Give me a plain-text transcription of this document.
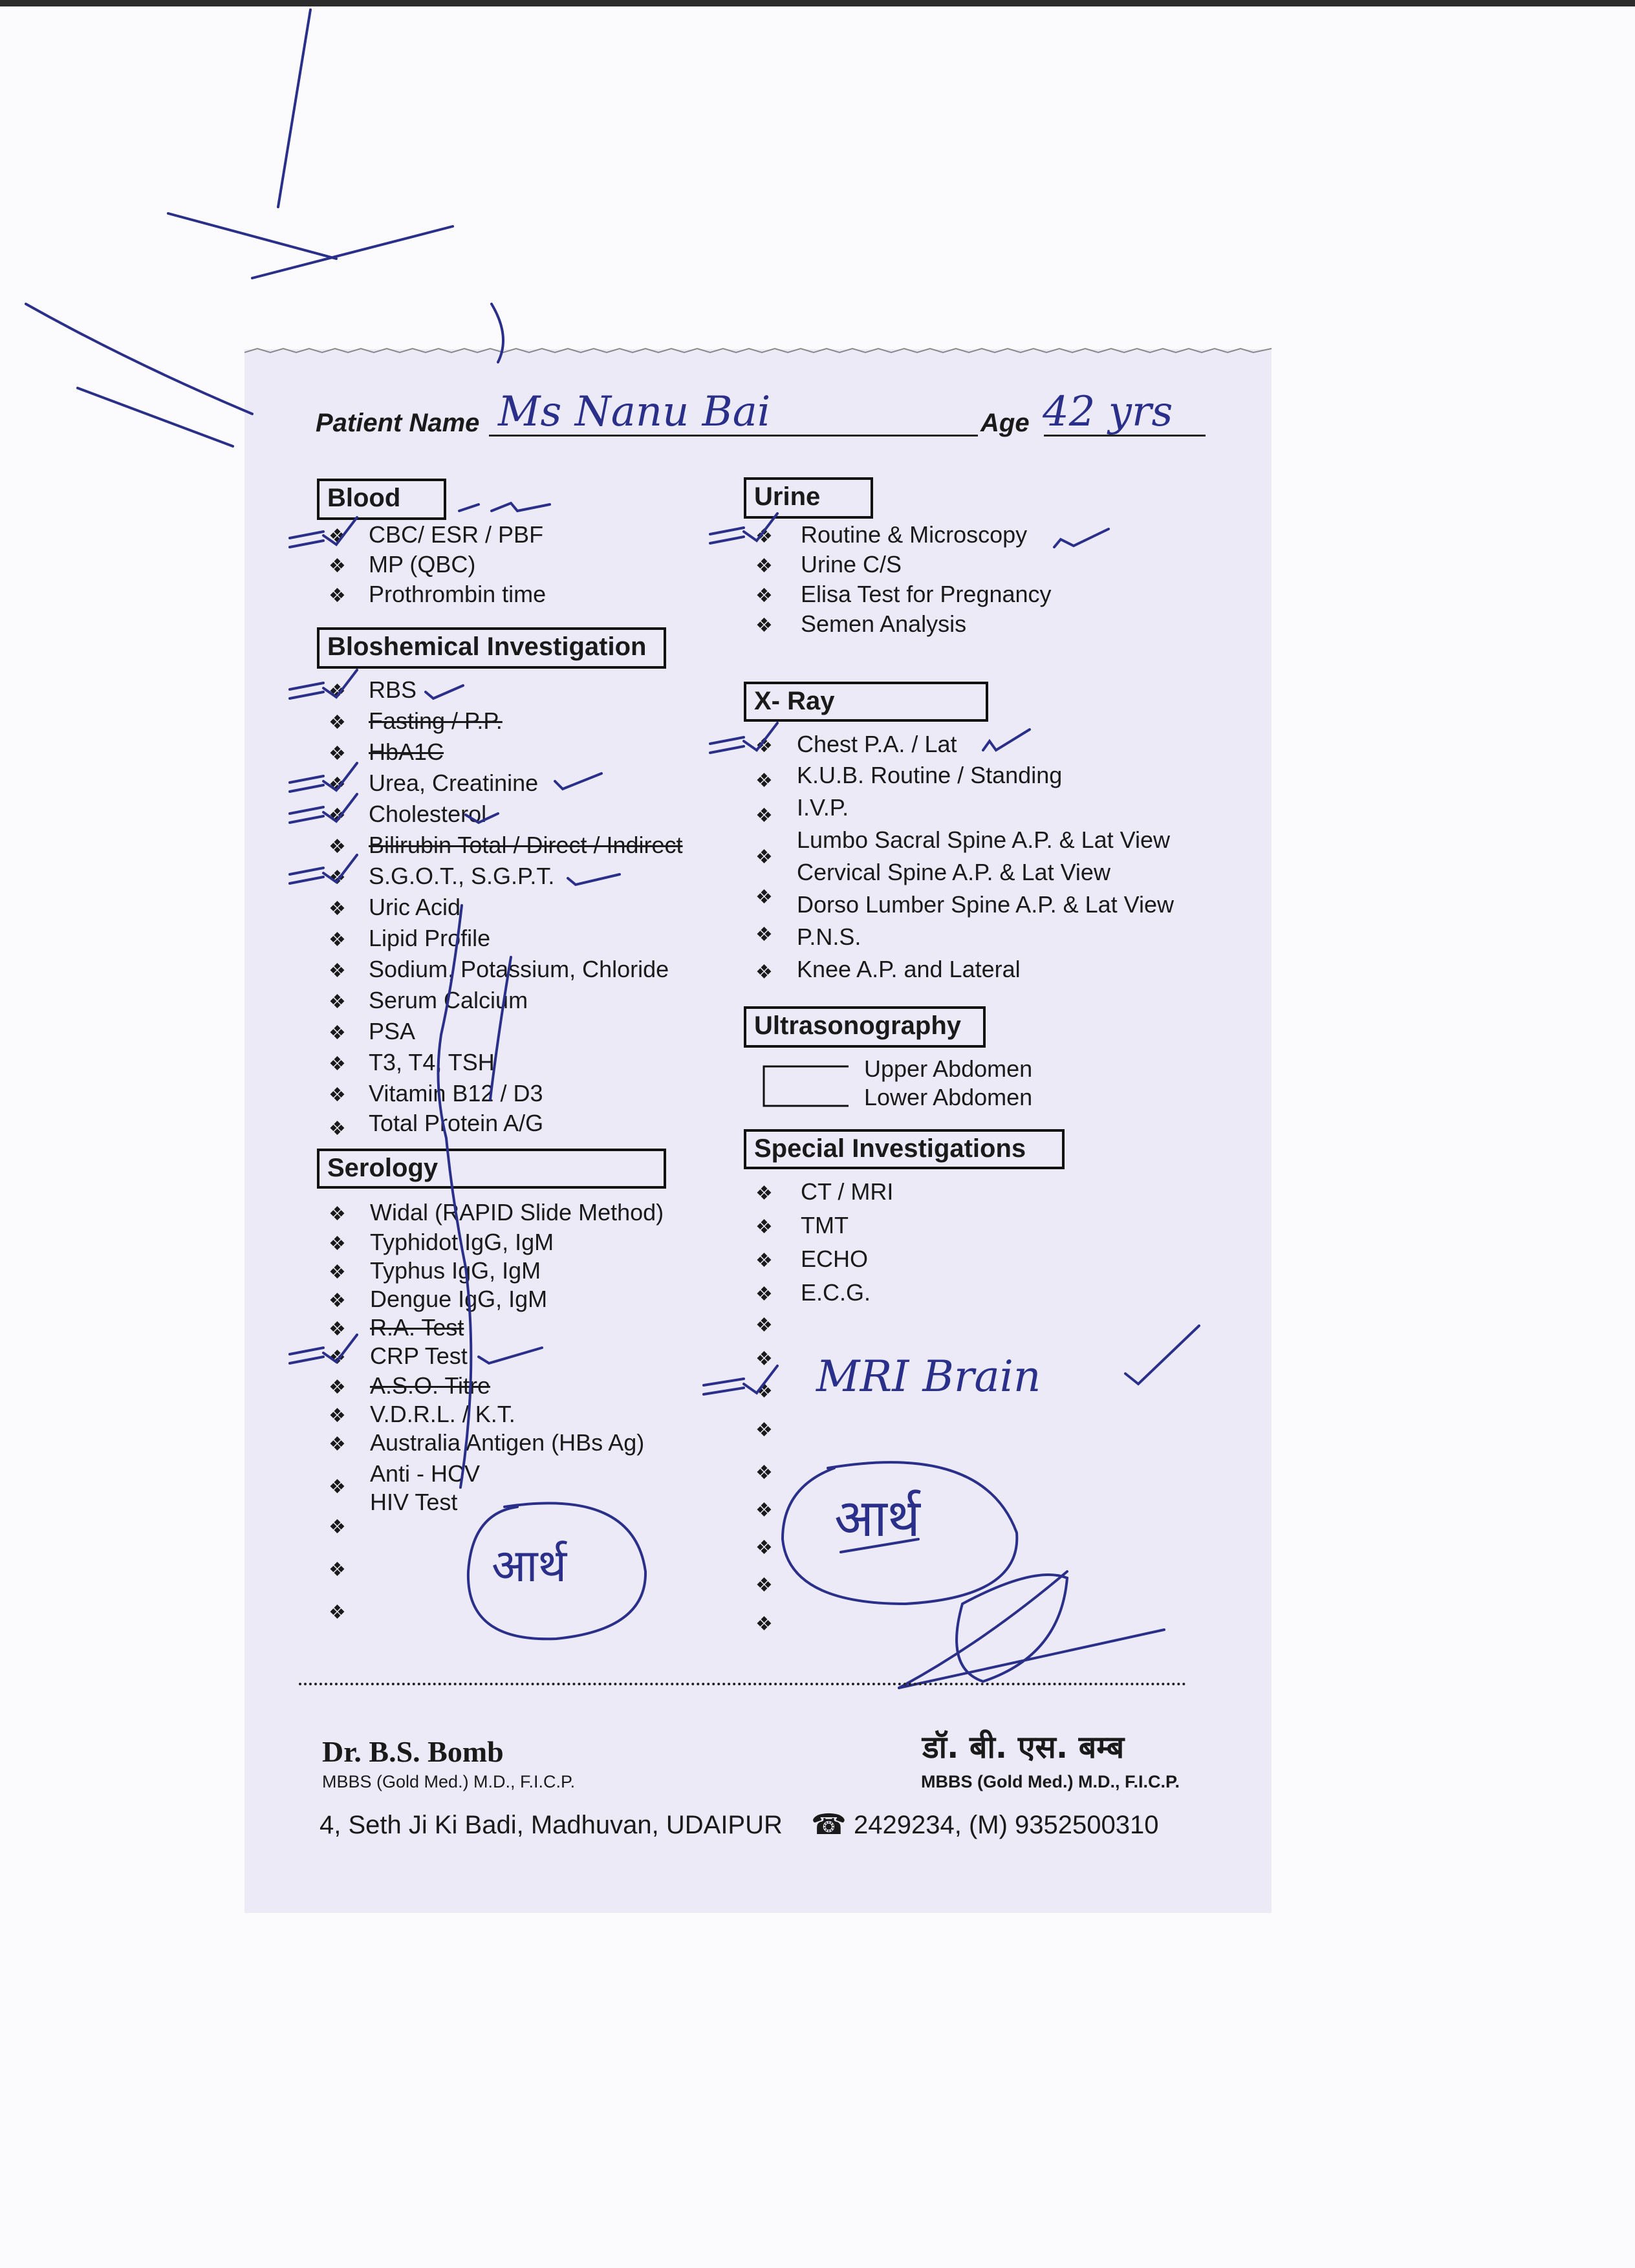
Patient Name Ms Nanu Bai	Age 42 yrs
Blood
Bloshemical Investigation
Serology
Urine
X- Ray
Ultrasonography
Special Investigations
❖ CBC/ ESR / PBF
❖ MP (QBC)
❖ Prothrombin time
❖ RBS
❖ Fasting / P.P.
❖ HbA1C
❖ Urea, Creatinine
❖ Cholesterol
❖ Bilirubin Total / Direct / Indirect
❖ S.G.O.T., S.G.P.T.
❖ Uric Acid
❖ Lipid Profile
❖ Sodium, Potassium, Chloride
❖ Serum Calcium
❖ PSA
❖ T3, T4, TSH
❖ Vitamin B12 / D3
❖ Total Protein A/G
❖ Widal (RAPID Slide Method)
❖ Typhidot IgG, IgM
❖ Typhus IgG, IgM
❖ Dengue IgG, IgM
❖ R.A. Test
❖ CRP Test
❖ A.S.O. Titre
❖ V.D.R.L. / K.T.
❖ Australia Antigen (HBs Ag)
❖
Anti - HCV
HIV Test
❖
❖
❖
❖ Routine & Microscopy
❖ Urine C/S
❖ Elisa Test for Pregnancy
❖ Semen Analysis
❖ Chest P.A. / Lat
❖ K.U.B. Routine / Standing
❖ I.V.P.
Lumbo Sacral Spine A.P. & Lat View
❖
Cervical Spine A.P. & Lat View
❖ Dorso Lumber Spine A.P. & Lat View
❖ P.N.S.
❖ Knee A.P. and Lateral
Upper Abdomen
Lower Abdomen
❖ CT / MRI
❖ TMT
❖ ECHO
❖ E.C.G.
❖
❖
❖
❖
❖
❖
❖
❖
❖
MRI Brain
आर्थ
आर्थ
Dr. B.S. Bomb
MBBS (Gold Med.) M.D., F.I.C.P.
डॉ. बी. एस. बम्ब
MBBS (Gold Med.) M.D., F.I.C.P.
4, Seth Ji Ki Badi, Madhuvan, UDAIPUR ☎ 2429234, (M) 9352500310
